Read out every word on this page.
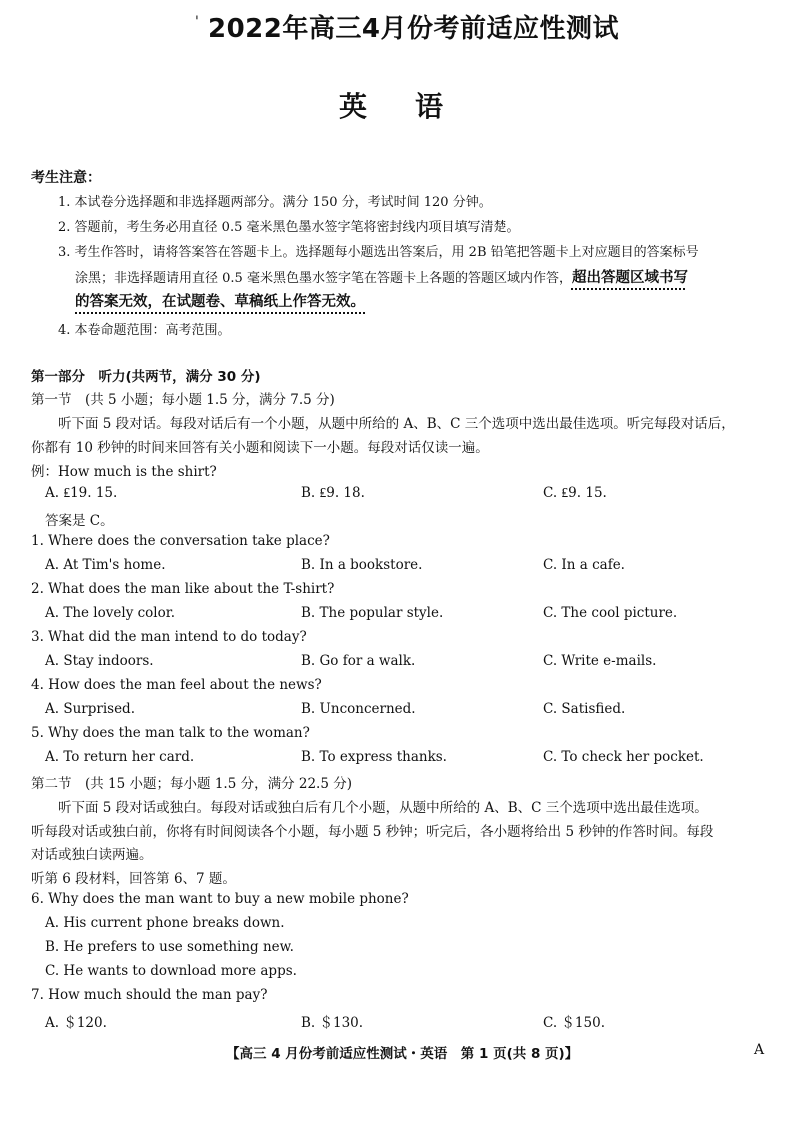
' 2022年高三4月份考前适应性测试
英语
考生注意：
1. 本试卷分选择题和非选择题两部分。满分 150 分，考试时间 120 分钟。
2. 答题前，考生务必用直径 0.5 毫米黑色墨水签字笔将密封线内项目填写清楚。
3. 考生作答时，请将答案答在答题卡上。选择题每小题选出答案后，用 2B 铅笔把答题卡上对应题目的答案标号
涂黑；非选择题请用直径 0.5 毫米黑色墨水签字笔在答题卡上各题的答题区域内作答，超出答题区域书写
的答案无效，在试题卷、草稿纸上作答无效。
4. 本卷命题范围：高考范围。
第一部分　听力(共两节，满分 30 分)
第一节　(共 5 小题；每小题 1.5 分，满分 7.5 分)
听下面 5 段对话。每段对话后有一个小题，从题中所给的 A、B、C 三个选项中选出最佳选项。听完每段对话后，
你都有 10 秒钟的时间来回答有关小题和阅读下一小题。每段对话仅读一遍。
例：How much is the shirt?
A. ₤19. 15.	B. ₤9. 18.	C. ₤9. 15.
答案是 C。
1. Where does the conversation take place?
A. At Tim's home.	B. In a bookstore.	C. In a cafe.
2. What does the man like about the T-shirt?
A. The lovely color.	B. The popular style.	C. The cool picture.
3. What did the man intend to do today?
A. Stay indoors.	B. Go for a walk.	C. Write e-mails.
4. How does the man feel about the news?
A. Surprised.	B. Unconcerned.	C. Satisfied.
5. Why does the man talk to the woman?
A. To return her card.	B. To express thanks.	C. To check her pocket.
第二节　(共 15 小题；每小题 1.5 分，满分 22.5 分)
听下面 5 段对话或独白。每段对话或独白后有几个小题，从题中所给的 A、B、C 三个选项中选出最佳选项。
听每段对话或独白前，你将有时间阅读各个小题，每小题 5 秒钟；听完后，各小题将给出 5 秒钟的作答时间。每段
对话或独白读两遍。
听第 6 段材料，回答第 6、7 题。
6. Why does the man want to buy a new mobile phone?
A. His current phone breaks down.
B. He prefers to use something new.
C. He wants to download more apps.
7. How much should the man pay?
A. ＄120.	B. ＄130.	C. ＄150.
【高三 4 月份考前适应性测试・英语　第 1 页(共 8 页)】	A
